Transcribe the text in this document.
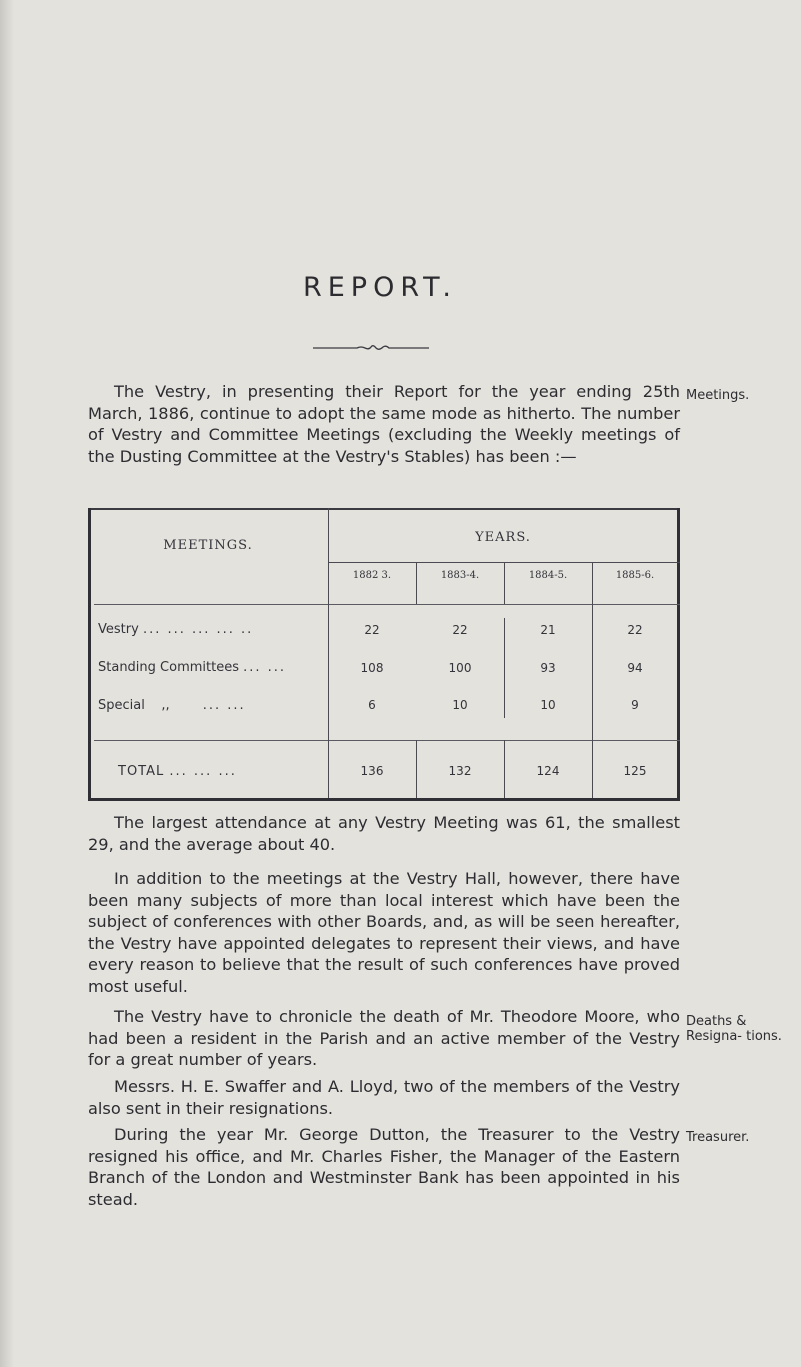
REPORT.

The Vestry, in presenting their Report for the year ending 25th March, 1886, continue to adopt the same mode as hitherto. The number of Vestry and Committee Meetings (excluding the Weekly meetings of the Dusting Committee at the Vestry's Stables) has been :—

Meetings.
MEETINGS.
YEARS.
1882 3.	1883-4.	1884-5.	1885-6.
Vestry ... ... ... ... ..	22	22	21	22
Standing Committees ... ...	108	100	93	94
Special    ,,	... ...	6	10	10	9
TOTAL ... ... ...	136	132	124	125

The largest attendance at any Vestry Meeting was 61, the smallest 29, and the average about 40.

In addition to the meetings at the Vestry Hall, however, there have been many subjects of more than local interest which have been the subject of conferences with other Boards, and, as will be seen hereafter, the Vestry have appointed delegates to represent their views, and have every reason to believe that the result of such conferences have proved most useful.

The Vestry have to chronicle the death of Mr. Theodore Moore, who had been a resident in the Parish and an active member of the Vestry for a great number of years.

Deaths & Resigna- tions.

Messrs. H. E. Swaffer and A. Lloyd, two of the members of the Vestry also sent in their resignations.

During the year Mr. George Dutton, the Treasurer to the Vestry resigned his office, and Mr. Charles Fisher, the Manager of the Eastern Branch of the London and Westminster Bank has been appointed in his stead.

Treasurer.
